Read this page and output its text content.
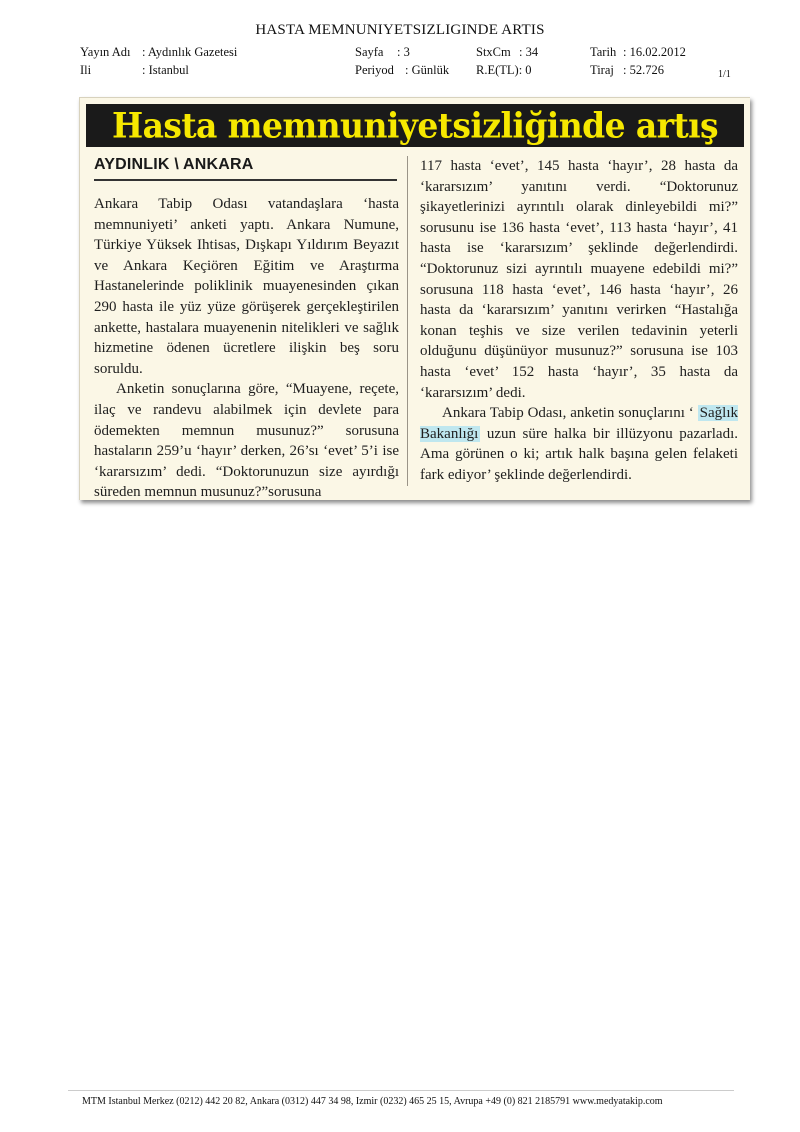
HASTA MEMNUNIYETSIZLIGINDE ARTIS
Yayın Adı : Aydınlık Gazetesi	Sayfa : 3	StxCm : 34	Tarih : 16.02.2012
Ili	: Istanbul	Periyod : Günlük R.E(TL): 0	Tiraj : 52.726	1/1
Hasta memnuniyetsizliğinde artış
AYDINLIK \ ANKARA

Ankara Tabip Odası vatandaşlara ‘hasta memnuniyeti’ anketi yaptı. Ankara Numune, Türkiye Yüksek Ihtisas, Dışkapı Yıldırım Beyazıt ve Ankara Keçiören Eğitim ve Araştırma Hastanelerinde poliklinik muayenesinden çıkan 290 hasta ile yüz yüze görüşerek gerçekleştirilen ankette, hastalara muayenenin nitelikleri ve sağlık hizmetine ödenen ücretlere ilişkin beş soru soruldu.

Anketin sonuçlarına göre, “Muayene, reçete, ilaç ve randevu alabilmek için devlete para ödemekten memnun musunuz?” sorusuna hastaların 259’u ‘hayır’ derken, 26’sı ‘evet’ 5’i ise ‘kararsızım’ dedi. “Doktorunuzun size ayırdığı süreden memnun musunuz?”sorusuna

117 hasta ‘evet’, 145 hasta ‘hayır’, 28 hasta da ‘kararsızım’ yanıtını verdi. “Doktorunuz şikayetlerinizi ayrıntılı olarak dinleyebildi mi?” sorusunu ise 136 hasta ‘evet’, 113 hasta ‘hayır’, 41 hasta ise ‘kararsızım’ şeklinde değerlendirdi. “Doktorunuz sizi ayrıntılı muayene edebildi mi?” sorusuna 118 hasta ‘evet’, 146 hasta ‘hayır’, 26 hasta da ‘kararsızım’ yanıtını verirken “Hastalığa konan teşhis ve size verilen tedavinin yeterli olduğunu düşünüyor musunuz?” sorusuna ise 103 hasta ‘evet’ 152 hasta ‘hayır’, 35 hasta da ‘kararsızım’ dedi.

Ankara Tabip Odası, anketin sonuçlarını ‘ Sağlık Bakanlığı uzun süre halka bir illüzyonu pazarladı. Ama görünen o ki; artık halk başına gelen felaketi fark ediyor’ şeklinde değerlendirdi.

MTM Istanbul Merkez (0212) 442 20 82, Ankara (0312) 447 34 98, Izmir (0232) 465 25 15, Avrupa +49 (0) 821 2185791 www.medyatakip.com
